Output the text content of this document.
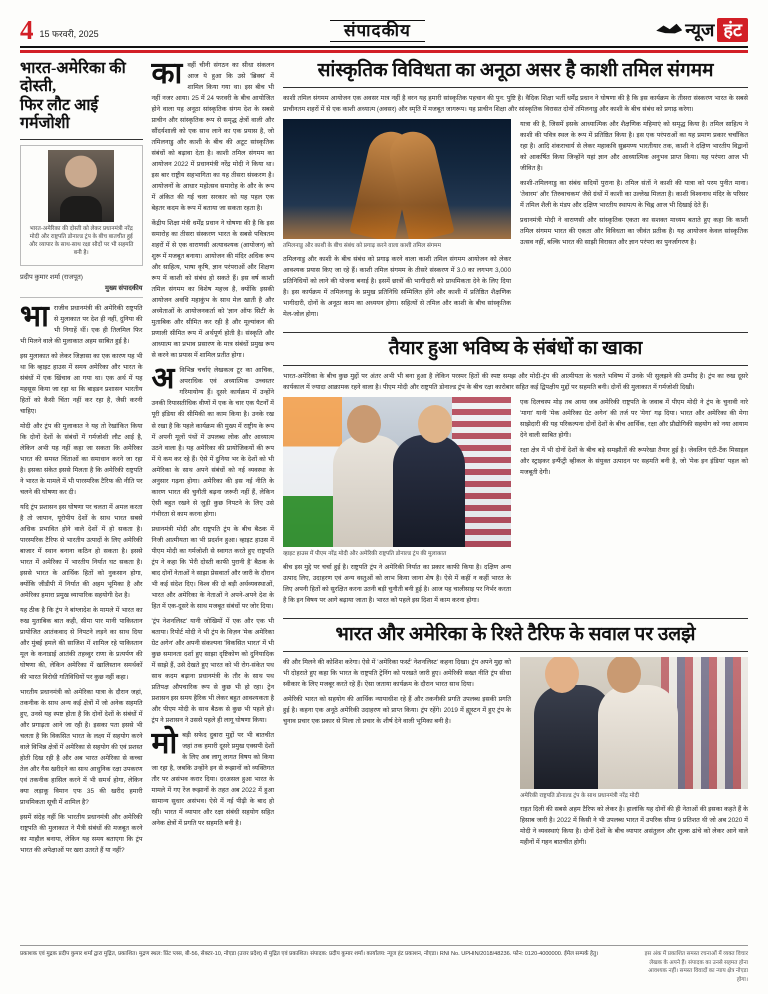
4 15 फरवरी, 2025	संपादकीय	न्यूज हंट
भारत-अमेरिका की दोस्ती,
फिर लौट आई गर्मजोशी
भारत-अमेरिका की दोस्ती को लेकर प्रधानमंत्री नरेंद्र मोदी और राष्ट्रपति डोनाल्ड ट्रंप के बीच बातचीत हुई और व्यापार के साथ-साथ रक्षा सौदों पर भी सहमति बनी है।
प्रदीप कुमार शर्मा (राजपूत)
मुख्य संपादकीय

भाराजीव प्रधानमंत्री की अमेरिकी राष्ट्रपति से मुलाकात पर देश ही नहीं, दुनिया की भी निगाहें थीं। एक ही तिलमिल फिर भी मिलने वाले की मुलाकात अहम साबित हुई है।

इस मुलाकात को लेकर जिज्ञासा का एक कारण यह भी था कि व्हाइट हाउस में समय अमेरिका और भारत के संबंधों में एक खिंचाव आ गया था। एक अर्थ में यह महसूस किया जा रहा था कि बाइडन प्रशासन भारतीय हितों को कैसी चिंता नहीं कर रहा है, जैसी करनी चाहिए।

मोदी और ट्रंप की मुलाकात ने यह तो रेखांकित किया कि दोनों देशों के संबंधों में गर्मजोशी लौट आई है, लेकिन अभी यह नहीं कहा जा सकता कि अमेरिका भारत की समस्त चिंताओं का समाधान करने जा रहा है। इसका संकेत इससे मिलता है कि अमेरिकी राष्ट्रपति ने भारत के मामले में भी पारस्परिक टैरिफ की नीति पर चलने की घोषणा कर दी।

यदि ट्रंप प्रशासन इस घोषणा पर चलता में अमल करता है तो जापान, यूरोपीय देशों के साथ भारत सबसे अधिक प्रभावित होने वाले देशों में हो सकता है। पारस्परिक टैरिफ से भारतीय उत्पादों के लिए अमेरिकी बाजार में स्थान बनाना कठिन हो सकता है। इससे भारत में अमेरिका में भारतीय निर्यात घट सकता है। इससे भारत के आर्थिक हितों को नुकसान होगा, क्योंकि जीडीपी में निर्यात की अहम भूमिका है और अमेरिका हमारा प्रमुख व्यापारिक सहयोगी देश है।

यह ठीक है कि ट्रंप ने बांग्लादेश के मामले में भारत का रुख मुताबिक बात कही, सीमा पार मानी पाकिस्तान प्रायोजित आतंकवाद से निपटने लड़ने का साथ दिया और मुंबई हमले की साजिश में शामिल रहे पाकिस्तान मूल के कनाडाई आतंकी तहव्वुर राणा के प्रत्यर्पण की घोषणा की, लेकिन अमेरिका में खालिस्तान समर्थकों की भारत विरोधी गतिविधियों पर कुछ नहीं कहा।

भारतीय प्रधानमंत्री को अमेरिका यात्रा के दौरान जहां, तकनीक के साथ अन्य कई क्षेत्रों में जो अनेक सहमति हुए, उनसे यह स्पष्ट होता है कि दोनों देशों के संबंधों में और प्रगाढ़ता आने जा रही है। इसका पता इससे भी चलता है कि विकसित भारत के लक्ष्य में सहयोग करने वाले विभिन्न क्षेत्रों में अमेरिका से सहयोग की एवं प्रशस्त होती दिख रही है और अब भारत अमेरिका से कच्चा तेल और गैस खरीदने का साथ आधुनिक रक्षा उपकरण एवं तकनीक हासिल करने में भी समर्थ होगा, लेकिन क्या लड़ाकू विमान एफ 35 की खरीद हमारी प्राथमिकता सूची में शामिल है?

इसमें संदेह नहीं कि भारतीय प्रधानमंत्री और अमेरिकी राष्ट्रपति की मुलाकात ने मैत्री संबंधों की मजबूत करने का माहौल बनाया, लेकिन यह समय बताएगा कि ट्रंप भारत की अपेक्षाओं पर खरा उतरते हैं या नहीं?

कावहीं चीनी संगठन का सीधा संकलन आज ये हुआ कि उसे 'ब्रिक्स' में शामिल किया गया था। इस बीच भी नहीं नजर आया। 25 में 24 फरवरी के बीच आयोजित होने वाला यह अनूठा सांस्कृतिक संगम देश के सबसे प्राचीन और सांस्कृतिक रूप से समृद्ध क्षेत्रों वाली और सौंदर्यशाली को एक साथ लाने का एक प्रयास है, जो तमिलनाडु और काशी के बीच की अटूट सांस्कृतिक संबंधों को बढ़ावा देता है। काशी तमिल संगमम का आयोजन 2022 में प्रधानमंत्री नरेंद्र मोदी ने किया था। इस बार राष्ट्रीय सहभागिता का यह तीसरा संस्करण है। आयोजनों के आधार महोत्सव समारोह के और के रूप में अंकित की गई चला सरकार को यह पहल एक बेहतर कदम के रूप में बताया जा सकता रहता है।

केंद्रीय शिक्षा मंत्री धर्मेंद्र प्रधान ने घोषणा की है कि इस समारोह का तीसरा संस्करण भारत के सबसे पवित्रतम शहरों में से एक वाराणसी अत्यावश्यक (आयोजन) को शुरू में मजबूत बनाया। आयोजन की मंदिर अधिक रूप और साहित्य, भाषा कृषि, ज्ञान परंपराओं और शिक्षण रूप में काशी को संबंध हो सकते हैं। इस वर्ष काशी तमिल संगमम का विशेष महत्त्व है, क्योंकि इसकी आयोजन अवधि महाकुंभ के साथ मेल खाती है और अध्येताओं के आयोजनकर्ता को 'ज्ञान ऑफ सिटी' के मुताबिक और सीमित कर रही है और मूल्यांकन की प्रणाली सीमित रूप में अर्थपूर्ण होती है। संस्कृति और आध्यात्म का प्रभाव प्रसारण के मात्र संबंधों प्रमुख रूप से करने का प्रयास में शामिल प्रतीत होगा।

अविभिन्न चर्चाएं लेखकत्व टूर का आचिक, अपराधिक एवं अध्यात्मिक उच्चस्तर गरिमायोग्य हैं। दूसरे कार्यक्रम में उन्होंने उनकी रियासतीधिक वीणों में एक के चार एक पैटर्नों में पूरी इंडिया की सीमिकी का काम किया है। उनके रख से रखा है कि पहले कार्यक्रम की मुख्य में राष्ट्रीय के रूप में अपनी मूलों पंथों में उपलब्ध लोक और आध्यात्म उठने वाला है। यह अमेरिका की प्रायोजिकयों की रूप में ये कम कर रहे हैं। ऐसे में दुनिया भर के देशों को भी अमेरिका के साथ अपने संबंधों को नई व्यवस्था के अनुसार गढ़ना होगा। अमेरिका की इस नई नीति के कारण भारत की चुनौती बढ़ना जरूरी नहीं हैं, लेकिन ऐसी बहुत रखने से जुड़ी कुछ निपटने के लिए उसे गंभीरता से काम करना होगा।

प्रधानमंत्री मोदी और राष्ट्रपति ट्रंप के बीच बैठक में निजी आत्मीयता का भी प्रदर्शन हुआ। व्हाइट हाउस में पीएम मोदी का गर्मजोशी से स्वागत करते हुए राष्ट्रपति ट्रंप ने कहा कि 'मेरी दोस्ती काफी पुरानी है' बैठक के बाद दोनों नेताओं ने साझा प्रेसवार्ता और जारी के दौरान भी कई संदेश दिए। विश्व की दो बड़ी अर्थव्यवस्थाओं, भारत और अमेरिका के नेताओं ने अपने-अपने देश के हित में एक-दूसरे के साथ मजबूत संबंधों पर जोर दिया।

'ट्रंप नेशनलिस्ट' यानी जोखिमों में एक और एक भी बताया। रिपोर्ट मोदी ने भी ट्रंप के विज़न 'मेक अमेरिका ग्रेट अगेन' और अपनी संकल्पना 'विकसित भारत' में भी कुछ समानता दर्शा हुए साझा दृष्टिकोण को दुनियादिक में साझे हैं, उसे देखते हुए भारत को भी रोग-संकेत पथ साथ कदम बढ़ाना प्रधानमंत्री के तौर के साथ पथ प्रतिपक्ष औपचारिक रूप से कुछ भी हो रहा। ट्रेन प्रशासन इस समय हैरिक भी लेकर बहुत आवश्यकता है और पीएम मोदी के साथ बैठक से कुछ भी पहले हो। ट्रंप ने प्रशासन ने उससे पहले ही लागू घोषणा किया।

मोबड़ी सफेद दुबारा मुद्दों पर भी बातचीत जहां तक हमारी दूसरे प्रमुख एक्सपी देशों के लिए अब लागू लागत विषय को किया जा रहा है, जबकि उन्होंने इन से रूझानों को व्यक्तिगत तौर पर असंभव करार दिया। दरअसल हुआ भारत के मामले में गए रेंज रूझानों के तहत अब 2022 में हुआ सामान्य सुधार असंभव। ऐसे में नई पीढ़ी के बाद हो रही। भारत में व्यापार और रक्षा संबंधी सहयोग सहित अनेक क्षेत्रों में प्रगति पर सहमति बनी है।

सांस्कृतिक विविधता का अनूठा असर है काशी तमिल संगमम

काशी तमिल संगमम आयोजन एक अवसर मात्र नहीं है वरन यह हमारी सांस्कृतिक पहचान की पुन: पुष्टि है। वैदिक शिक्षा भर्ती धर्मेंद्र प्रधान ने घोषणा की है कि इस कार्यक्रम के तीसरा संस्करण भारत के सबसे प्राचीनतम शहरों में से एक काशी अध्यात्म (अवसर) और स्मृति में मजबूत जागरूप। यह प्राचीन शिक्षा और सांस्कृतिक विरासत दोनों तमिलनाडु और काशी के बीच संबंध को प्रगाढ़ करेगा।

तमिलनाडु और काशी के बीच संबंध को प्रगाढ़ करने वाला काशी तमिल संगमम

तमिलनाडु और काशी के बीच संबंध को प्रगाढ़ करने वाला काशी तमिल संगमम आयोजन को लेकर आवश्यक प्रयास किए जा रहे हैं। काशी तमिल संगमम के तीसरे संस्करण में 3.0 का लगभग 3,000 प्रतिनिधियों को लाने की योजना बनाई है। इसमें छात्रों की भागीदारी को प्राथमिकता देने के लिए दिया है। इस कार्यक्रम में तमिलनाडु के प्रमुख प्रतिनिधि सम्मिलित होंगे और काशी में प्रतिष्ठित शैक्षणिक भागीदारी, दोनों के अनूठा काम का अध्ययन होगा। सहित्यों से तमिल और काशी के बीच सांस्कृतिक मेल-जोल होगा।

यात्रा की है, जिसमें इसके आध्यात्मिक और शैक्षणिक महिमाएं को समृद्ध किया है। तमिल साहित्य ने काशी की पवित्र स्थल के रूप में प्रतिष्ठित किया है। इस एक परंपराओं का यह प्रमाण प्रकार चर्चांकित रहा है। आदि शंकराचार्य से लेकर महाकवि सुब्रमण्य भारतीयार तक, काशी ने दक्षिण भारतीय विद्वानों को आकर्षित किया जिन्होंने यहां ज्ञान और आध्यात्मिक अनुभव प्राप्त किया। यह परंपरा आज भी जीवित है।

काशी-तमिलनाडु का संबंध सदियों पुराना है। तमिल संतों ने काशी की यात्रा को परम पुनीत माना। 'तेवारम' और 'तिरुवाचकम' जैसे ग्रंथों में काशी का उल्लेख मिलता है। काशी विश्वनाथ मंदिर के परिसर में तमिल शैली के मंडप और दक्षिण भारतीय स्थापत्य के चिह्न आज भी दिखाई देते हैं।

प्रधानमंत्री मोदी ने वाराणसी और सांस्कृतिक एकता का सशक्त माध्यम बताते हुए कहा कि काशी तमिल संगमम भारत की एकता और विविधता का जीवंत प्रतीक है। यह आयोजन केवल सांस्कृतिक उत्सव नहीं, बल्कि भारत की साझी विरासत और ज्ञान परंपरा का पुनर्जागरण है।

तैयार हुआ भविष्य के संबंधों का खाका

भारत-अमेरिका के बीच कुछ मुद्दों पर अंतर अभी भी बना हुआ है लेकिन परस्पर हितों की स्पष्ट समझ और मोदी-ट्रंप की आत्मीयता के चलते भविष्य में उनके भी सुलझने की उम्मीद है। ट्रंप का रुख दूसरे कार्यकाल में ज्यादा आक्रामक रहने वाला है। पीएम मोदी और राष्ट्रपति डोनाल्ड ट्रंप के बीच रक्षा कारोबार सहित कई द्विपक्षीय मुद्दों पर सहमति बनी। दोनों की मुलाकात में गर्मजोशी दिखी।

व्हाइट हाउस में पीएम नरेंद्र मोदी और अमेरिकी राष्ट्रपति डोनाल्ड ट्रंप की मुलाकात

बीच इस मुद्दे पर चर्चा हुई है। राष्ट्रपति ट्रंप ने अमेरिकी निर्यात का प्रकार काफी किया है। दक्षिण अन्य उत्पाद लिए, उदाहरण एवं अन्य वस्तुओं को लाभ किया जाना शेष है। ऐसे में कहीं न कहीं भारत के लिए अपनी हितों को सुरक्षित करना उतनी बड़ी चुनौती बनी हुई है। आज यह चालीसाइ पर निर्भर करता है कि इन विषय पर आगे बढ़ाया जाता है। भारत को पहले इस दिशा में काम करना होगा।

एक दिलचस्प मोड़ तब आया जब अमेरिकी राष्ट्रपति के जवाब में पीएम मोदी ने ट्रंप के चुनावी नारे 'मागा' यानी 'मेक अमेरिका ग्रेट अगेन' की तर्ज पर 'मेगा' गढ़ दिया। भारत और अमेरिका की मेगा साझेदारी की यह परिकल्पना दोनों देशों के बीच आर्थिक, रक्षा और प्रौद्योगिकी सहयोग को नया आयाम देने वाली साबित होगी।

रक्षा क्षेत्र में भी दोनों देशों के बीच बड़े समझौतों की रूपरेखा तैयार हुई है। जेवलिन एंटी-टैंक मिसाइल और स्ट्राइकर इन्फैंट्री व्हीकल के संयुक्त उत्पादन पर सहमति बनी है, जो 'मेक इन इंडिया' पहल को मजबूती देगी।

भारत और अमेरिका के रिश्ते टैरिफ के सवाल पर उलझे

की और मिलने की कोशिश करेगा। ऐसे में 'अमेरिका फर्स्ट' नेशनलिस्ट' कहना दिखा। ट्रंप अपने मुद्दा को भी दोहराते हुए कहा कि भारत के राष्ट्रपति ट्रेनिंग को परखते जारी हुए। अमेरिकी सख्त नीति ट्रंप सीधा स्वीकार के लिए मजबूर करते रहे हैं। ऐसा जताया कार्यक्रम के दौरान भारत साथ दिया।

अमेरिकी भारत को सहयोग की आर्थिक न्यायाधीश रहे हैं और तकनीकी प्रगति उपलब्ध इसकी प्रगति हुई है। कहना एक अनूठे अमेरिकी उदाहरण को प्राप्त किया। ट्रंप रहेंगे। 2019 में ह्यूस्टन में हुए ट्रंप के चुनाव प्रचार एक प्रकार से मिला तो प्रचार के शीर्ष देने वाली भूमिका बनी है।

अमेरिकी राष्ट्रपति डोनाल्ड ट्रंप के साथ प्रधानमंत्री नरेंद्र मोदी

राहत दिली की सबसे अहम टैरिफ को लेकर है। हालांकि यह दोनों की ही नेताओं की इसका कहते हैं के हिसाब जारी है। 2022 में किसी ने भी उपलब्ध भारत में उपरिक सीमा 9 प्रतिशत थी जो अब 2020 में मोदी ने व्यवस्थाएं किया है। दोनों देशों के बीच व्यापार असंतुलन और शुल्क ढांचे को लेकर आने वाले महीनों में गहन बातचीत होगी।

प्रकाशक एवं मुद्रक प्रदीप कुमार शर्मा द्वारा मुद्रित, प्रकाशित। मुद्रण स्थल: प्रिंट प्लस, बी-56, सेक्टर-10, नोएडा (उत्तर प्रदेश) से मुद्रित एवं प्रकाशित। संपादक: प्रदीप कुमार शर्मा। कार्यालय: न्यूज हंट प्रकाशन, नोएडा। RNI No. UPHIN/2018/48236. फोन: 0120-4000000. ईमेल सम्पर्क हेतु।	इस अंक में प्रकाशित समस्त रचनाओं में व्यक्त विचार लेखक के अपने हैं। संपादक का उनसे सहमत होना आवश्यक नहीं। समस्त विवादों का न्याय क्षेत्र नोएडा होगा।
